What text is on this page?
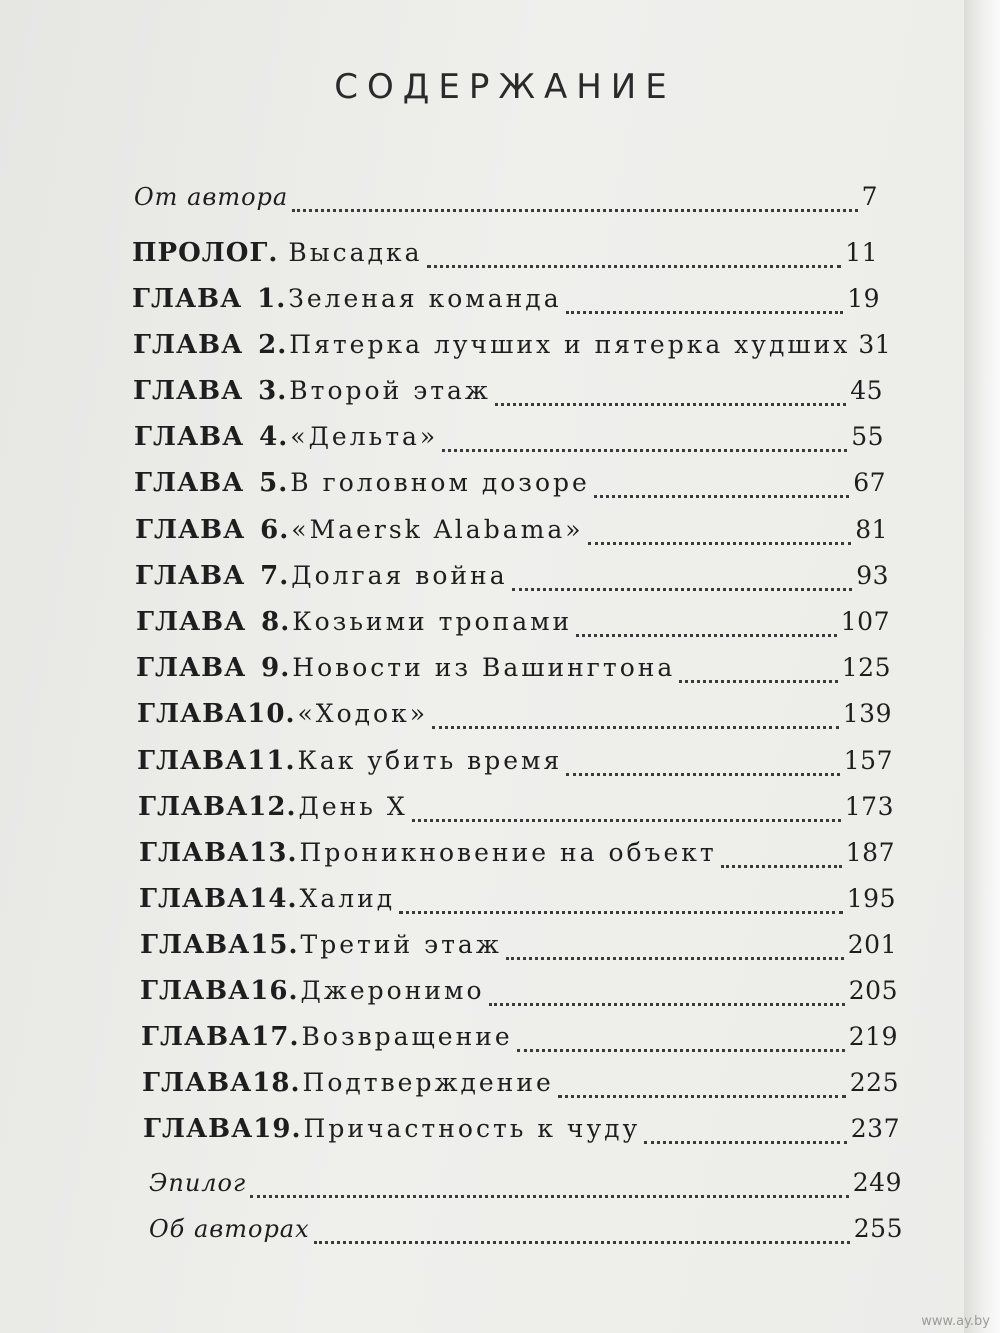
СОДЕРЖАНИЕ
От автора	7
ПРОЛОГ. Высадка	11
ГЛАВА 1. Зеленая команда	19
ГЛАВА 2. Пятерка лучших и пятерка худших 31
ГЛАВА 3. Второй этаж	45
ГЛАВА 4. «Дельта»	55
ГЛАВА 5. В головном дозоре	67
ГЛАВА 6. «Maersk Alabama»	81
ГЛАВА 7. Долгая война	93
ГЛАВА 8. Козьими тропами	107
ГЛАВА 9. Новости из Вашингтона	125
ГЛАВА10. «Ходок»	139
ГЛАВА11. Как убить время	157
ГЛАВА12. День X	173
ГЛАВА13. Проникновение на объект	187
ГЛАВА14. Халид	195
ГЛАВА15. Третий этаж	201
ГЛАВА16. Джеронимо	205
ГЛАВА17. Возвращение	219
ГЛАВА18. Подтверждение	225
ГЛАВА19. Причастность к чуду	237
Эпилог	249
Об авторах	255
www.ay.by
